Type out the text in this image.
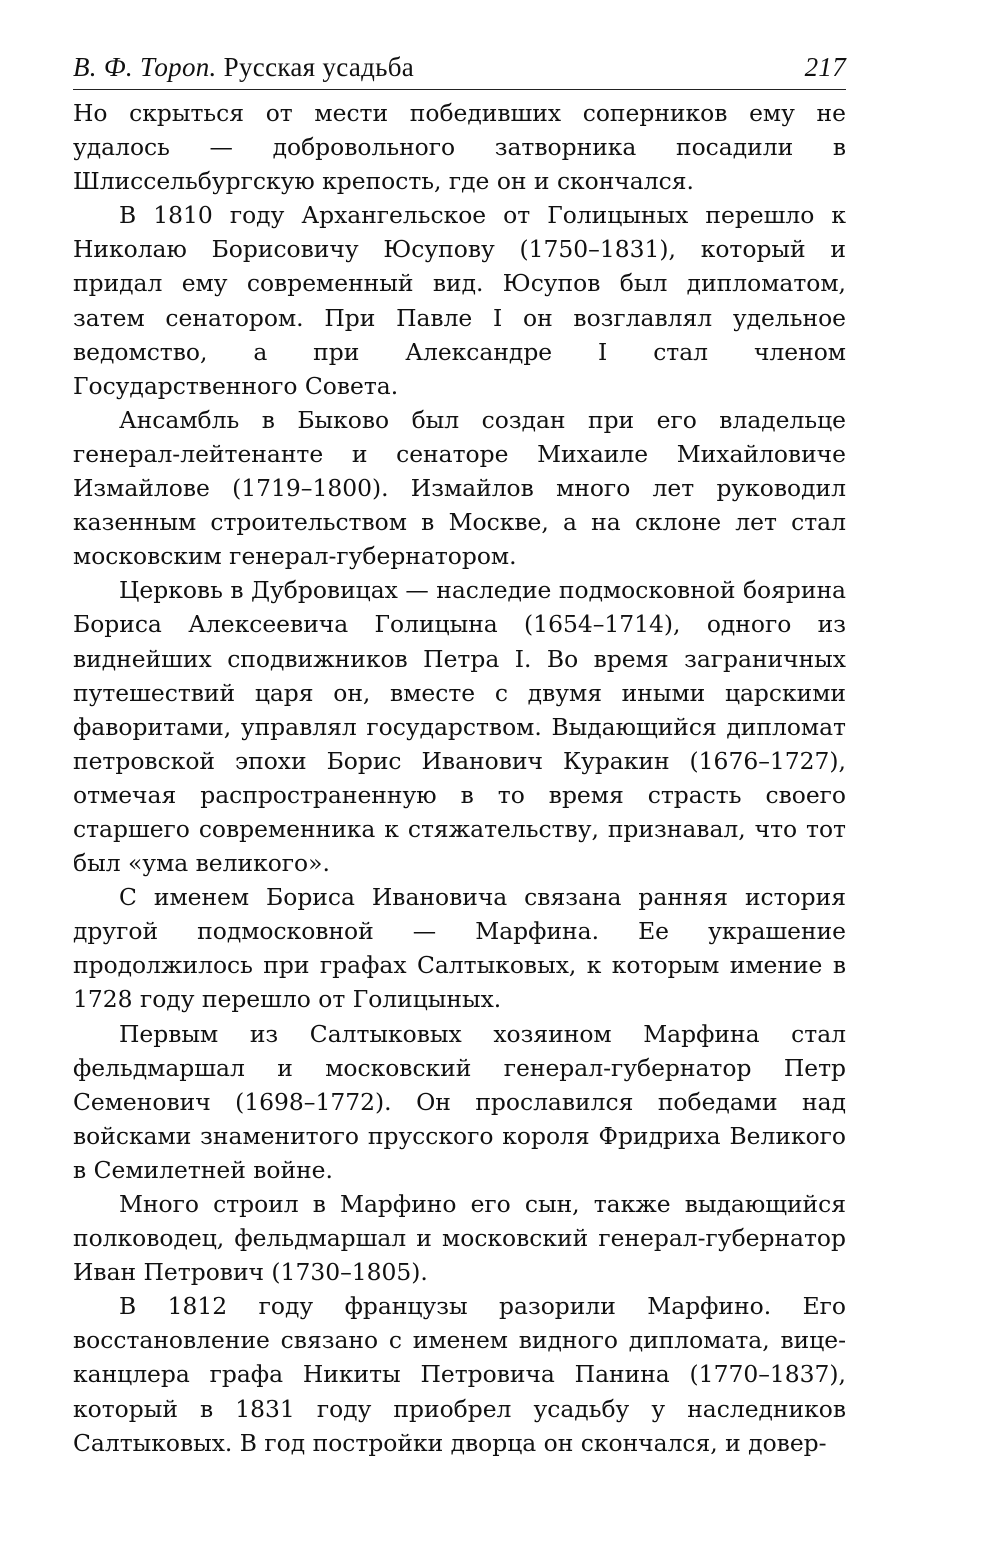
В. Ф. Тороп. Русская усадьба	217

Но скрыться от мести победивших соперников ему не удалось — добровольного затворника посадили в Шлиссельбургскую крепость, где он и скончался.

В 1810 году Архангельское от Голицыных перешло к Николаю Борисовичу Юсупову (1750–1831), который и придал ему современный вид. Юсупов был дипломатом, затем сенатором. При Павле I он возглавлял удельное ведомство, а при Александре I стал членом Государственного Совета.

Ансамбль в Быково был создан при его владельце генерал-лейтенанте и сенаторе Михаиле Михайловиче Измайлове (1719–1800). Измайлов много лет руководил казенным строительством в Москве, а на склоне лет стал московским генерал-губернатором.

Церковь в Дубровицах — наследие подмосковной боярина Бориса Алексеевича Голицына (1654–1714), одного из виднейших сподвижников Петра I. Во время заграничных путешествий царя он, вместе с двумя иными царскими фаворитами, управлял государством. Выдающийся дипломат петровской эпохи Борис Иванович Куракин (1676–1727), отмечая распространенную в то время страсть своего старшего современника к стяжательству, признавал, что тот был «ума великого».

С именем Бориса Ивановича связана ранняя история другой подмосковной — Марфина. Ее украшение продолжилось при графах Салтыковых, к которым имение в 1728 году перешло от Голицыных.

Первым из Салтыковых хозяином Марфина стал фельдмаршал и московский генерал-губернатор Петр Семенович (1698–1772). Он прославился победами над войсками знаменитого прусского короля Фридриха Великого в Семилетней войне.

Много строил в Марфино его сын, также выдающийся полководец, фельдмаршал и московский генерал-губернатор Иван Петрович (1730–1805).

В 1812 году французы разорили Марфино. Его восстановление связано с именем видного дипломата, вице-канцлера графа Никиты Петровича Панина (1770–1837), который в 1831 году приобрел усадьбу у наследников Салтыковых. В год постройки дворца он скончался, и довер-
